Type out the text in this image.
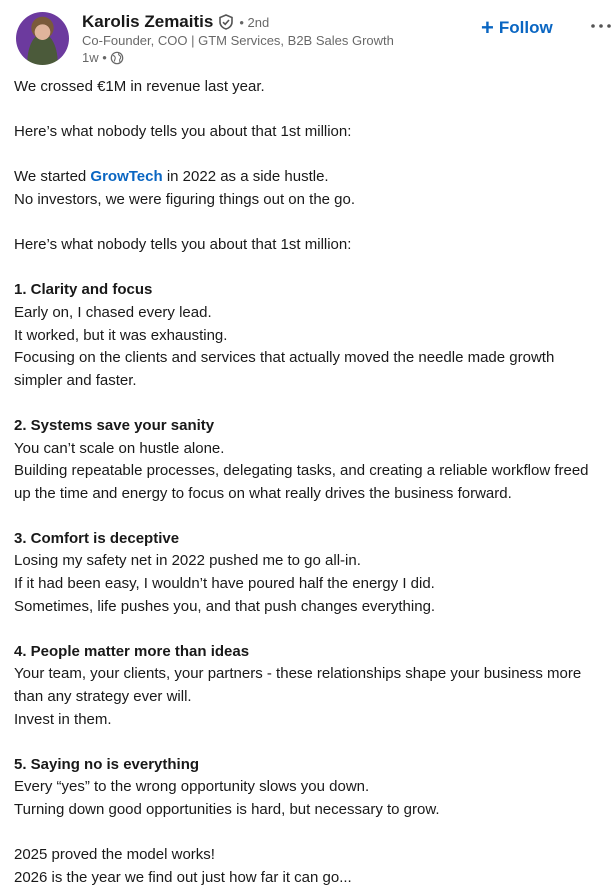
Karolis Zemaitis • 2nd
Co-Founder, COO | GTM Services, B2B Sales Growth
1w •
+ Follow

We crossed €1M in revenue last year.

Here’s what nobody tells you about that 1st million:

We started GrowTech in 2022 as a side hustle.

No investors, we were figuring things out on the go.

Here’s what nobody tells you about that 1st million:

1. Clarity and focus

Early on, I chased every lead.

It worked, but it was exhausting.

Focusing on the clients and services that actually moved the needle made growth simpler and faster.

2. Systems save your sanity

You can’t scale on hustle alone.

Building repeatable processes, delegating tasks, and creating a reliable workflow freed up the time and energy to focus on what really drives the business forward.

3. Comfort is deceptive

Losing my safety net in 2022 pushed me to go all-in.

If it had been easy, I wouldn’t have poured half the energy I did.

Sometimes, life pushes you, and that push changes everything.

4. People matter more than ideas

Your team, your clients, your partners - these relationships shape your business more than any strategy ever will.

Invest in them.

5. Saying no is everything

Every “yes” to the wrong opportunity slows you down.

Turning down good opportunities is hard, but necessary to grow.

2025 proved the model works!

2026 is the year we find out just how far it can go...
